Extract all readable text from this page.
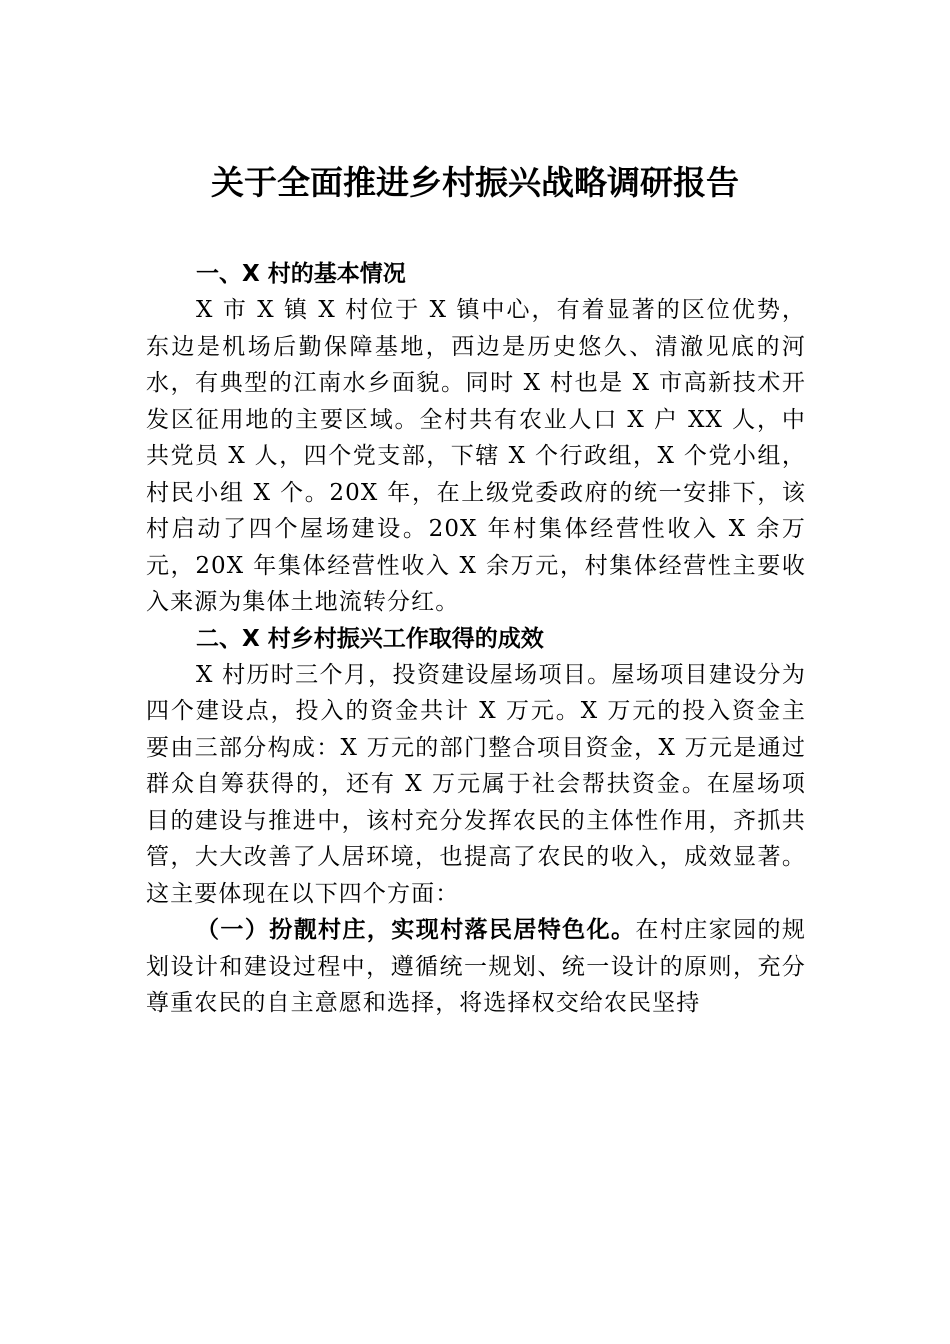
关于全面推进乡村振兴战略调研报告

一、X 村的基本情况

X 市 X 镇 X 村位于 X 镇中心，有着显著的区位优势，东边是机场后勤保障基地，西边是历史悠久、清澈见底的河水，有典型的江南水乡面貌。同时 X 村也是 X 市高新技术开发区征用地的主要区域。全村共有农业人口 X 户 XX 人，中共党员 X 人，四个党支部，下辖 X 个行政组，X 个党小组，村民小组 X 个。20X 年，在上级党委政府的统一安排下，该村启动了四个屋场建设。20X 年村集体经营性收入 X 余万元，20X 年集体经营性收入 X 余万元，村集体经营性主要收入来源为集体土地流转分红。

二、X 村乡村振兴工作取得的成效

X 村历时三个月，投资建设屋场项目。屋场项目建设分为四个建设点，投入的资金共计 X 万元。X 万元的投入资金主要由三部分构成：X 万元的部门整合项目资金，X 万元是通过群众自筹获得的，还有 X 万元属于社会帮扶资金。在屋场项目的建设与推进中，该村充分发挥农民的主体性作用，齐抓共管，大大改善了人居环境，也提高了农民的收入，成效显著。这主要体现在以下四个方面：

（一）扮靓村庄，实现村落民居特色化。在村庄家园的规划设计和建设过程中，遵循统一规划、统一设计的原则，充分尊重农民的自主意愿和选择，将选择权交给农民坚持
